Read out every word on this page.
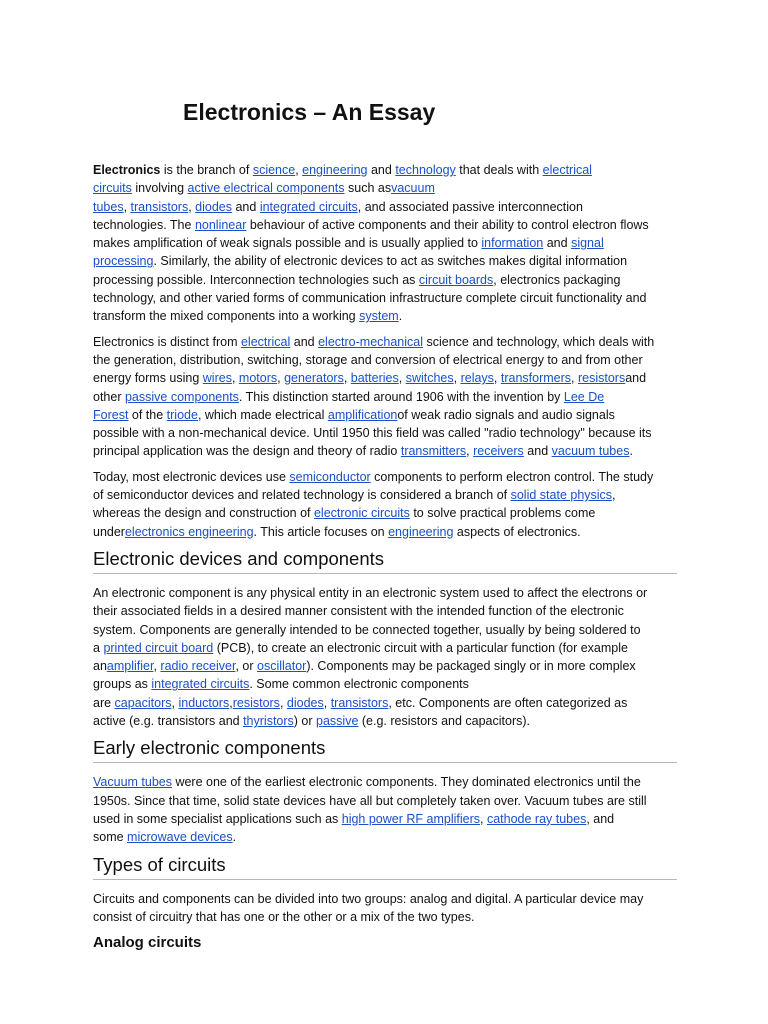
Electronics – An Essay

Electronics is the branch of science, engineering and technology that deals with electrical
circuits involving active electrical components such asvacuum
tubes, transistors, diodes and integrated circuits, and associated passive interconnection
technologies. The nonlinear behaviour of active components and their ability to control electron flows
makes amplification of weak signals possible and is usually applied to information and signal
processing. Similarly, the ability of electronic devices to act as switches makes digital information
processing possible. Interconnection technologies such as circuit boards, electronics packaging
technology, and other varied forms of communication infrastructure complete circuit functionality and
transform the mixed components into a working system.

Electronics is distinct from electrical and electro-mechanical science and technology, which deals with
the generation, distribution, switching, storage and conversion of electrical energy to and from other
energy forms using wires, motors, generators, batteries, switches, relays, transformers, resistorsand
other passive components. This distinction started around 1906 with the invention by Lee De
Forest of the triode, which made electrical amplificationof weak radio signals and audio signals
possible with a non-mechanical device. Until 1950 this field was called "radio technology" because its
principal application was the design and theory of radio transmitters, receivers and vacuum tubes.

Today, most electronic devices use semiconductor components to perform electron control. The study
of semiconductor devices and related technology is considered a branch of solid state physics,
whereas the design and construction of electronic circuits to solve practical problems come
underelectronics engineering. This article focuses on engineering aspects of electronics.

Electronic devices and components

An electronic component is any physical entity in an electronic system used to affect the electrons or
their associated fields in a desired manner consistent with the intended function of the electronic
system. Components are generally intended to be connected together, usually by being soldered to
a printed circuit board (PCB), to create an electronic circuit with a particular function (for example
anamplifier, radio receiver, or oscillator). Components may be packaged singly or in more complex
groups as integrated circuits. Some common electronic components
are capacitors, inductors,resistors, diodes, transistors, etc. Components are often categorized as
active (e.g. transistors and thyristors) or passive (e.g. resistors and capacitors).

Early electronic components

Vacuum tubes were one of the earliest electronic components. They dominated electronics until the
1950s. Since that time, solid state devices have all but completely taken over. Vacuum tubes are still
used in some specialist applications such as high power RF amplifiers, cathode ray tubes, and
some microwave devices.

Types of circuits

Circuits and components can be divided into two groups: analog and digital. A particular device may
consist of circuitry that has one or the other or a mix of the two types.

Analog circuits
